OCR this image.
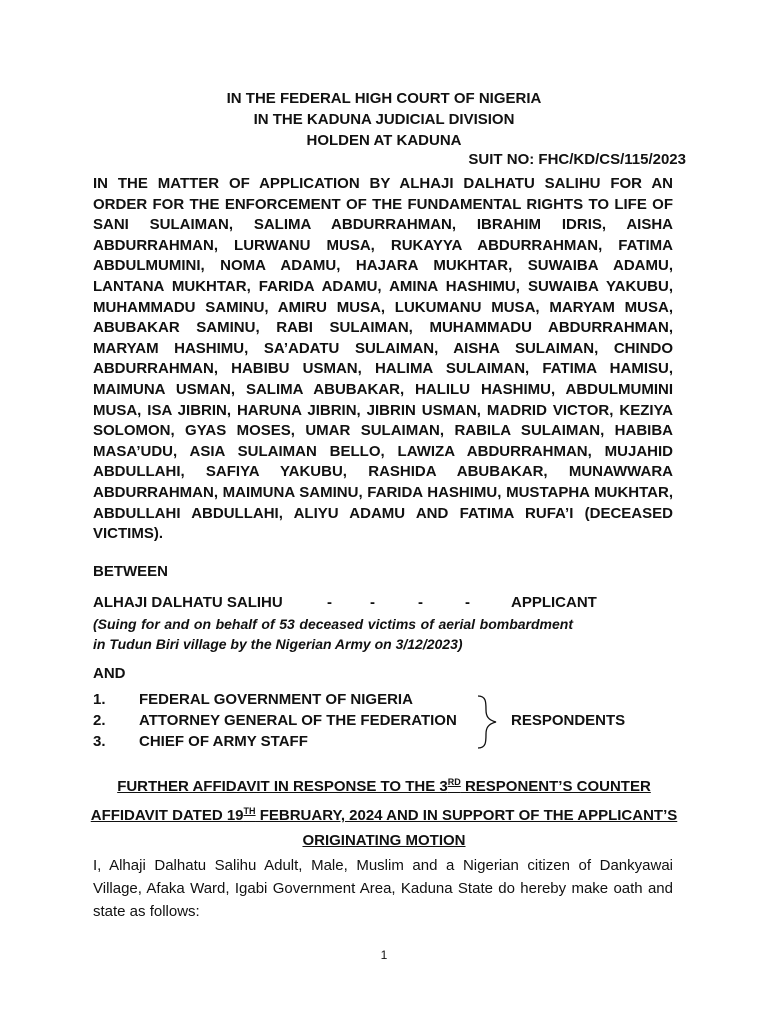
IN THE FEDERAL HIGH COURT OF NIGERIA
IN THE KADUNA JUDICIAL DIVISION
HOLDEN AT KADUNA
SUIT NO: FHC/KD/CS/115/2023

IN THE MATTER OF APPLICATION BY ALHAJI DALHATU SALIHU FOR AN ORDER FOR THE ENFORCEMENT OF THE FUNDAMENTAL RIGHTS TO LIFE OF SANI SULAIMAN, SALIMA ABDURRAHMAN, IBRAHIM IDRIS, AISHA ABDURRAHMAN, LURWANU MUSA, RUKAYYA ABDURRAHMAN, FATIMA ABDULMUMINI, NOMA ADAMU, HAJARA MUKHTAR, SUWAIBA ADAMU, LANTANA MUKHTAR, FARIDA ADAMU, AMINA HASHIMU, SUWAIBA YAKUBU, MUHAMMADU SAMINU, AMIRU MUSA, LUKUMANU MUSA, MARYAM MUSA, ABUBAKAR SAMINU, RABI SULAIMAN, MUHAMMADU ABDURRAHMAN, MARYAM HASHIMU, SA’ADATU SULAIMAN, AISHA SULAIMAN, CHINDO ABDURRAHMAN, HABIBU USMAN, HALIMA SULAIMAN, FATIMA HAMISU, MAIMUNA USMAN, SALIMA ABUBAKAR, HALILU HASHIMU, ABDULMUMINI MUSA, ISA JIBRIN, HARUNA JIBRIN, JIBRIN USMAN, MADRID VICTOR, KEZIYA SOLOMON, GYAS MOSES, UMAR SULAIMAN, RABILA SULAIMAN, HABIBA MASA’UDU, ASIA SULAIMAN BELLO, LAWIZA ABDURRAHMAN, MUJAHID ABDULLAHI, SAFIYA YAKUBU, RASHIDA ABUBAKAR, MUNAWWARA ABDURRAHMAN, MAIMUNA SAMINU, FARIDA HASHIMU, MUSTAPHA MUKHTAR, ABDULLAHI ABDULLAHI, ALIYU ADAMU AND FATIMA RUFA’I (DECEASED VICTIMS).

BETWEEN
ALHAJI DALHATU SALIHU	-	-	-	-	APPLICANT
(Suing for and on behalf of 53 deceased victims of aerial bombardment in Tudun Biri village by the Nigerian Army on 3/12/2023)
AND
1. FEDERAL GOVERNMENT OF NIGERIA
2. ATTORNEY GENERAL OF THE FEDERATION
3. CHIEF OF ARMY STAFF
RESPONDENTS
FURTHER AFFIDAVIT IN RESPONSE TO THE 3RD RESPONENT’S COUNTER AFFIDAVIT DATED 19TH FEBRUARY, 2024 AND IN SUPPORT OF THE APPLICANT’S ORIGINATING MOTION

I, Alhaji Dalhatu Salihu Adult, Male, Muslim and a Nigerian citizen of Dankyawai Village, Afaka Ward, Igabi Government Area, Kaduna State do hereby make oath and state as follows:

1
